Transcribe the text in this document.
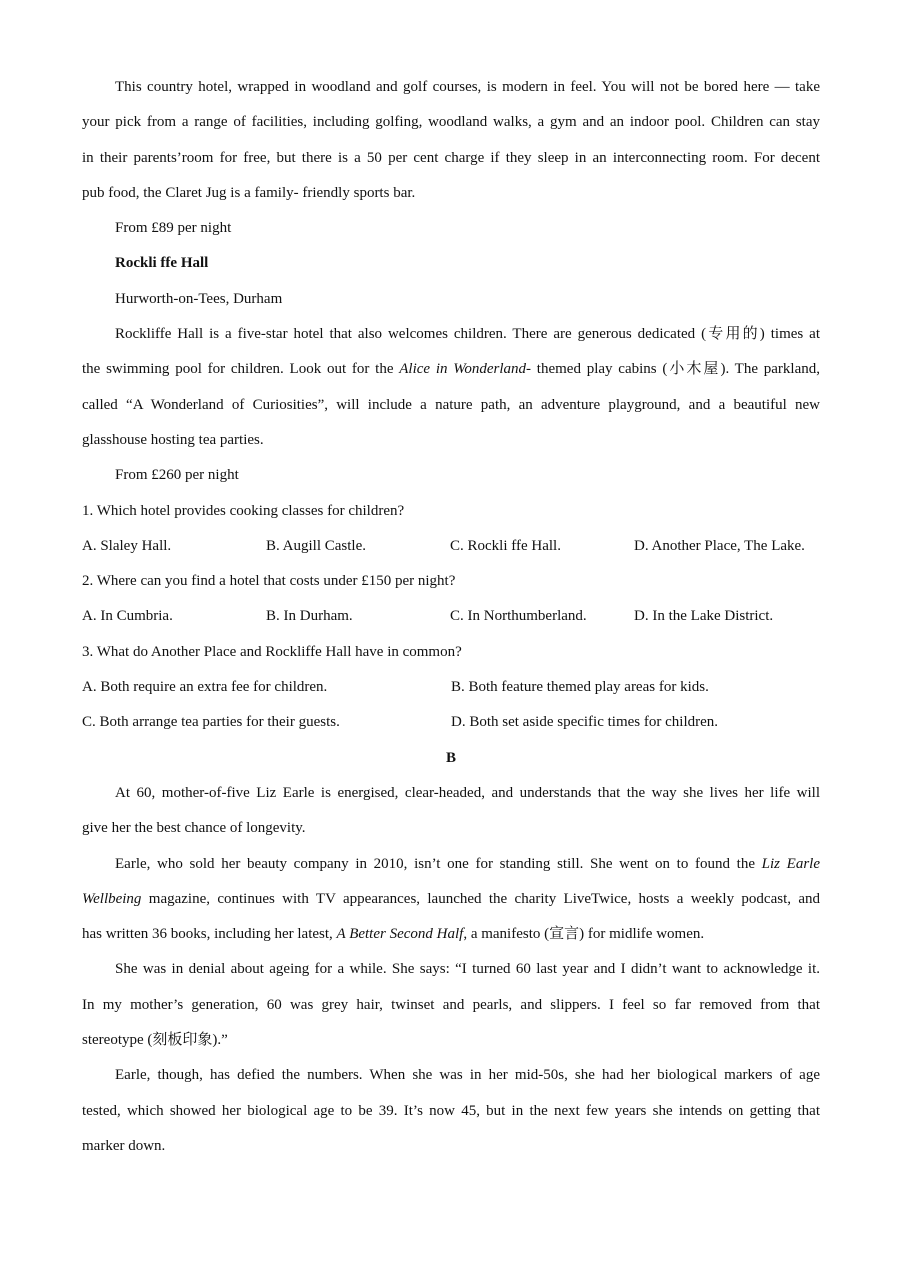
This country hotel, wrapped in woodland and golf courses, is modern in feel. You will not be bored here — take
your pick from a range of facilities, including golfing, woodland walks, a gym and an indoor pool. Children can stay
in their parents’room for free, but there is a 50 per cent charge if they sleep in an interconnecting room. For decent
pub food, the Claret Jug is a family- friendly sports bar.
From £89 per night
Rockli ffe Hall
Hurworth-on-Tees, Durham
Rockliffe Hall is a five-star hotel that also welcomes children. There are generous dedicated (专用的) times at
the swimming pool for children. Look out for the Alice in Wonderland- themed play cabins (小木屋). The parkland,
called “A Wonderland of Curiosities”, will include a nature path, an adventure playground, and a beautiful new
glasshouse hosting tea parties.
From £260 per night
1. Which hotel provides cooking classes for children?
A. Slaley Hall.	B. Augill Castle.	C. Rockli ffe Hall.	D. Another Place, The Lake.
2. Where can you find a hotel that costs under £150 per night?
A. In Cumbria.	B. In Durham.	C. In Northumberland.	D. In the Lake District.
3. What do Another Place and Rockliffe Hall have in common?
A. Both require an extra fee for children.	B. Both feature themed play areas for kids.
C. Both arrange tea parties for their guests.	D. Both set aside specific times for children.
B
At 60, mother-of-five Liz Earle is energised, clear-headed, and understands that the way she lives her life will
give her the best chance of longevity.
Earle, who sold her beauty company in 2010, isn’t one for standing still. She went on to found the Liz Earle
Wellbeing magazine, continues with TV appearances, launched the charity LiveTwice, hosts a weekly podcast, and
has written 36 books, including her latest, A Better Second Half, a manifesto (宣言) for midlife women.
She was in denial about ageing for a while. She says: “I turned 60 last year and I didn’t want to acknowledge it.
In my mother’s generation, 60 was grey hair, twinset and pearls, and slippers. I feel so far removed from that
stereotype (刻板印象).”
Earle, though, has defied the numbers. When she was in her mid-50s, she had her biological markers of age
tested, which showed her biological age to be 39. It’s now 45, but in the next few years she intends on getting that
marker down.
